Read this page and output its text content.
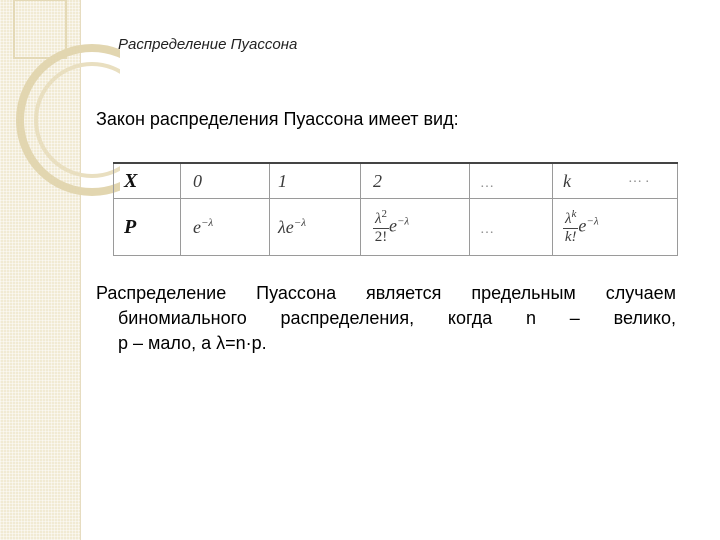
Распределение Пуассона
Закон распределения Пуассона имеет вид:
X	0	1	2	…	k … .

P	$e^{-\lambda}$	$\lambda e^{-\lambda}$	$\frac{\lambda^2}{2!} e^{-\lambda}$	…	$\frac{\lambda^k}{k!} e^{-\lambda}$
Распределение Пуассона является предельным случаем
биномиального распределения, когда n – велико,
p – мало, а λ=n·p.
